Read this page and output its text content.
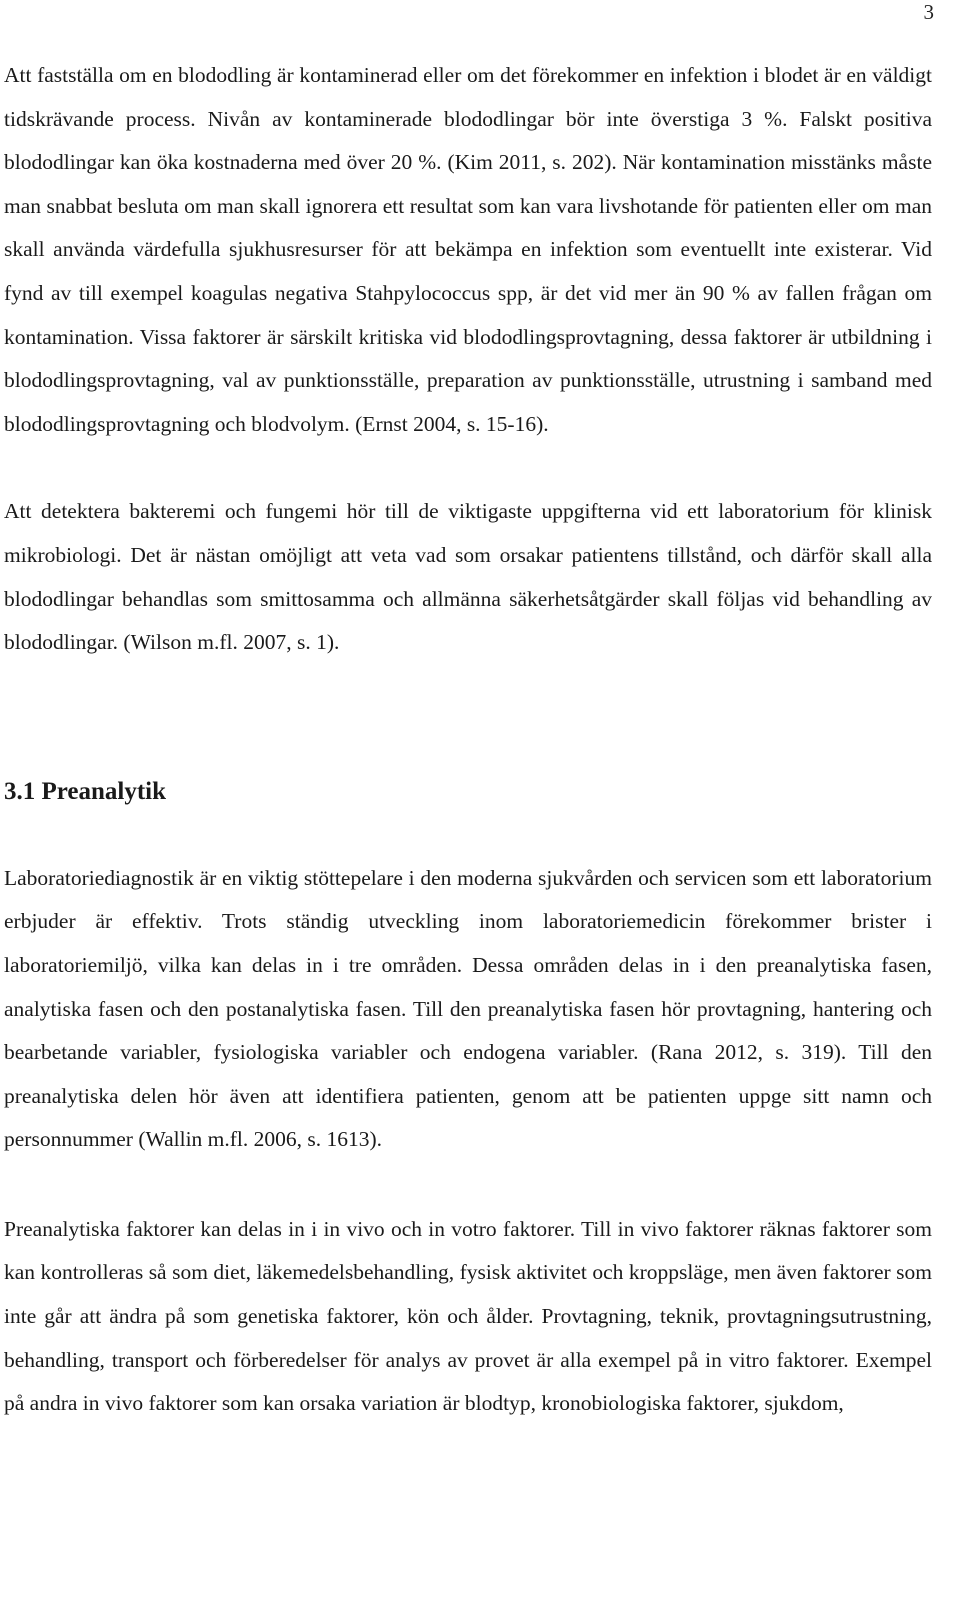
3

Att fastställa om en blododling är kontaminerad eller om det förekommer en infektion i blodet är en väldigt tidskrävande process. Nivån av kontaminerade blododlingar bör inte överstiga 3 %. Falskt positiva blododlingar kan öka kostnaderna med över 20 %. (Kim 2011, s. 202). När kontamination misstänks måste man snabbat besluta om man skall ignorera ett resultat som kan vara livshotande för patienten eller om man skall använda värdefulla sjukhusresurser för att bekämpa en infektion som eventuellt inte existerar. Vid fynd av till exempel koagulas negativa Stahpylococcus spp, är det vid mer än 90 % av fallen frågan om kontamination. Vissa faktorer är särskilt kritiska vid blododlingsprovtagning, dessa faktorer är utbildning i blododlingsprovtagning, val av punktionsställe, preparation av punktionsställe, utrustning i samband med blododlingsprovtagning och blodvolym. (Ernst 2004, s. 15-16).

Att detektera bakteremi och fungemi hör till de viktigaste uppgifterna vid ett laboratorium för klinisk mikrobiologi. Det är nästan omöjligt att veta vad som orsakar patientens tillstånd, och därför skall alla blododlingar behandlas som smittosamma och allmänna säkerhetsåtgärder skall följas vid behandling av blododlingar. (Wilson m.fl. 2007, s. 1).

3.1 Preanalytik

Laboratoriediagnostik är en viktig stöttepelare i den moderna sjukvården och servicen som ett laboratorium erbjuder är effektiv. Trots ständig utveckling inom laboratoriemedicin förekommer brister i laboratoriemiljö, vilka kan delas in i tre områden. Dessa områden delas in i den preanalytiska fasen, analytiska fasen och den postanalytiska fasen. Till den preanalytiska fasen hör provtagning, hantering och bearbetande variabler, fysiologiska variabler och endogena variabler. (Rana 2012, s. 319). Till den preanalytiska delen hör även att identifiera patienten, genom att be patienten uppge sitt namn och personnummer (Wallin m.fl. 2006, s. 1613).

Preanalytiska faktorer kan delas in i in vivo och in votro faktorer. Till in vivo faktorer räknas faktorer som kan kontrolleras så som diet, läkemedelsbehandling, fysisk aktivitet och kroppsläge, men även faktorer som inte går att ändra på som genetiska faktorer, kön och ålder. Provtagning, teknik, provtagningsutrustning, behandling, transport och förberedelser för analys av provet är alla exempel på in vitro faktorer. Exempel på andra in vivo faktorer som kan orsaka variation är blodtyp, kronobiologiska faktorer, sjukdom,
